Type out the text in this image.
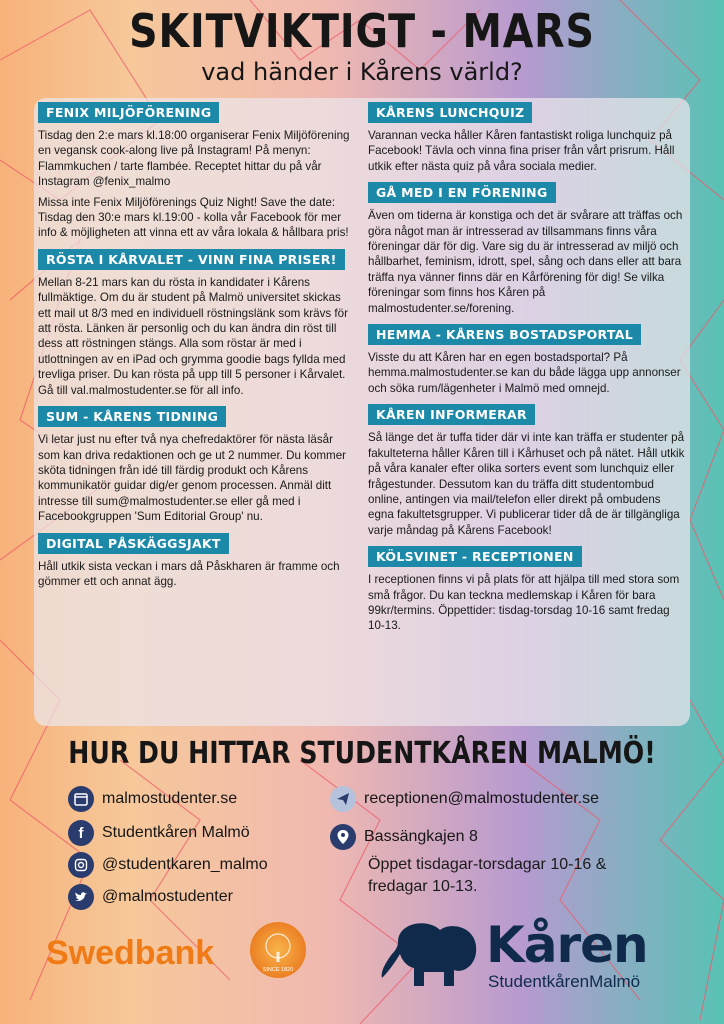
SKITVIKTIGT - MARS
vad händer i Kårens värld?
FENIX MILJÖFÖRENING

Tisdag den 2:e mars kl.18:00 organiserar Fenix Miljöförening en vegansk cook-along live på Instagram! På menyn: Flammkuchen / tarte flambée. Receptet hittar du på vår Instagram @fenix_malmo

Missa inte Fenix Miljöförenings Quiz Night! Save the date: Tisdag den 30:e mars kl.19:00 - kolla vår Facebook för mer info & möjligheten att vinna ett av våra lokala & hållbara pris!

RÖSTA I KÅRVALET - VINN FINA PRISER!

Mellan 8-21 mars kan du rösta in kandidater i Kårens fullmäktige. Om du är student på Malmö universitet skickas ett mail ut 8/3 med en individuell röstningslänk som krävs för att rösta. Länken är personlig och du kan ändra din röst till dess att röstningen stängs. Alla som röstar är med i utlottningen av en iPad och grymma goodie bags fyllda med trevliga priser. Du kan rösta på upp till 5 personer i Kårvalet. Gå till val.malmostudenter.se för all info.

SUM - KÅRENS TIDNING

Vi letar just nu efter två nya chefredaktörer för nästa läsår som kan driva redaktionen och ge ut 2 nummer. Du kommer sköta tidningen från idé till färdig produkt och Kårens kommunikatör guidar dig/er genom processen. Anmäl ditt intresse till sum@malmostudenter.se eller gå med i Facebookgruppen 'Sum Editorial Group' nu.

DIGITAL PÅSKÄGGSJAKT

Håll utkik sista veckan i mars då Påskharen är framme och gömmer ett och annat ägg.

KÅRENS LUNCHQUIZ

Varannan vecka håller Kåren fantastiskt roliga lunchquiz på Facebook! Tävla och vinna fina priser från vårt prisrum. Håll utkik efter nästa quiz på våra sociala medier.

GÅ MED I EN FÖRENING

Även om tiderna är konstiga och det är svårare att träffas och göra något man är intresserad av tillsammans finns våra föreningar där för dig. Vare sig du är intresserad av miljö och hållbarhet, feminism, idrott, spel, sång och dans eller att bara träffa nya vänner finns där en Kårförening för dig! Se vilka föreningar som finns hos Kåren på malmostudenter.se/forening.

HEMMA - KÅRENS BOSTADSPORTAL

Visste du att Kåren har en egen bostadsportal? På hemma.malmostudenter.se kan du både lägga upp annonser och söka rum/lägenheter i Malmö med omnejd.

KÅREN INFORMERAR

Så länge det är tuffa tider där vi inte kan träffa er studenter på fakulteterna håller Kåren till i Kårhuset och på nätet. Håll utkik på våra kanaler efter olika sorters event som lunchquiz eller frågestunder. Dessutom kan du träffa ditt studentombud online, antingen via mail/telefon eller direkt på ombudens egna fakultetsgrupper. Vi publicerar tider då de är tillgängliga varje måndag på Kårens Facebook!

KÖLSVINET - RECEPTIONEN

I receptionen finns vi på plats för att hjälpa till med stora som små frågor. Du kan teckna medlemskap i Kåren för bara 99kr/termins. Öppettider: tisdag-torsdag 10-16 samt fredag 10-13.

HUR DU HITTAR STUDENTKÅREN MALMÖ!
malmostudenter.se
f Studentkåren Malmö
@studentkaren_malmo
@malmostudenter
receptionen@malmostudenter.se
Bassängkajen 8
Öppet tisdagar-torsdagar 10-16 & fredagar 10-13.
Swedbank	SINCE 1820	Kåren
StudentkårenMalmö
